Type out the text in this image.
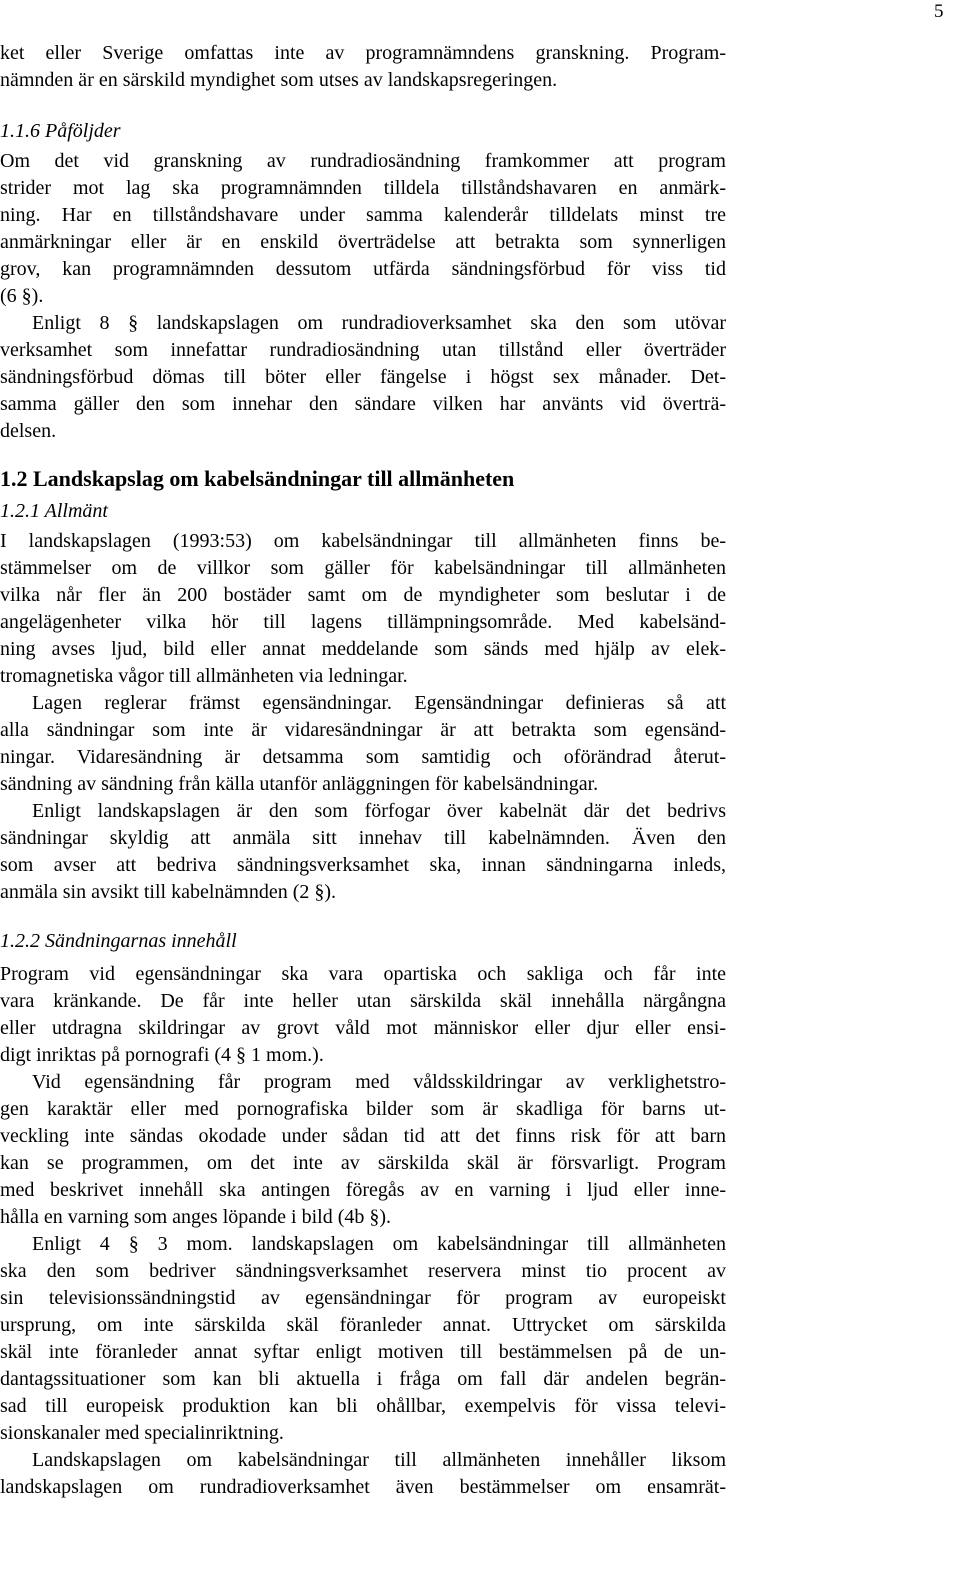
5
ket eller Sverige omfattas inte av programnämndens granskning. Program-
nämnden är en särskild myndighet som utses av landskapsregeringen.
1.1.6 Påföljder
Om det vid granskning av rundradiosändning framkommer att program
strider mot lag ska programnämnden tilldela tillståndshavaren en anmärk-
ning. Har en tillståndshavare under samma kalenderår tilldelats minst tre
anmärkningar eller är en enskild överträdelse att betrakta som synnerligen
grov, kan programnämnden dessutom utfärda sändningsförbud för viss tid
(6 §).
Enligt 8 § landskapslagen om rundradioverksamhet ska den som utövar
verksamhet som innefattar rundradiosändning utan tillstånd eller överträder
sändningsförbud dömas till böter eller fängelse i högst sex månader. Det-
samma gäller den som innehar den sändare vilken har använts vid överträ-
delsen.
1.2 Landskapslag om kabelsändningar till allmänheten
1.2.1 Allmänt
I landskapslagen (1993:53) om kabelsändningar till allmänheten finns be-
stämmelser om de villkor som gäller för kabelsändningar till allmänheten
vilka når fler än 200 bostäder samt om de myndigheter som beslutar i de
angelägenheter vilka hör till lagens tillämpningsområde. Med kabelsänd-
ning avses ljud, bild eller annat meddelande som sänds med hjälp av elek-
tromagnetiska vågor till allmänheten via ledningar.
Lagen reglerar främst egensändningar. Egensändningar definieras så att
alla sändningar som inte är vidaresändningar är att betrakta som egensänd-
ningar. Vidaresändning är detsamma som samtidig och oförändrad återut-
sändning av sändning från källa utanför anläggningen för kabelsändningar.
Enligt landskapslagen är den som förfogar över kabelnät där det bedrivs
sändningar skyldig att anmäla sitt innehav till kabelnämnden. Även den
som avser att bedriva sändningsverksamhet ska, innan sändningarna inleds,
anmäla sin avsikt till kabelnämnden (2 §).
1.2.2 Sändningarnas innehåll
Program vid egensändningar ska vara opartiska och sakliga och får inte
vara kränkande. De får inte heller utan särskilda skäl innehålla närgångna
eller utdragna skildringar av grovt våld mot människor eller djur eller ensi-
digt inriktas på pornografi (4 § 1 mom.).
Vid egensändning får program med våldsskildringar av verklighetstro-
gen karaktär eller med pornografiska bilder som är skadliga för barns ut-
veckling inte sändas okodade under sådan tid att det finns risk för att barn
kan se programmen, om det inte av särskilda skäl är försvarligt. Program
med beskrivet innehåll ska antingen föregås av en varning i ljud eller inne-
hålla en varning som anges löpande i bild (4b §).
Enligt 4 § 3 mom. landskapslagen om kabelsändningar till allmänheten
ska den som bedriver sändningsverksamhet reservera minst tio procent av
sin televisionssändningstid av egensändningar för program av europeiskt
ursprung, om inte särskilda skäl föranleder annat. Uttrycket om särskilda
skäl inte föranleder annat syftar enligt motiven till bestämmelsen på de un-
dantagssituationer som kan bli aktuella i fråga om fall där andelen begrän-
sad till europeisk produktion kan bli ohållbar, exempelvis för vissa televi-
sionskanaler med specialinriktning.
Landskapslagen om kabelsändningar till allmänheten innehåller liksom
landskapslagen om rundradioverksamhet även bestämmelser om ensamrät-
